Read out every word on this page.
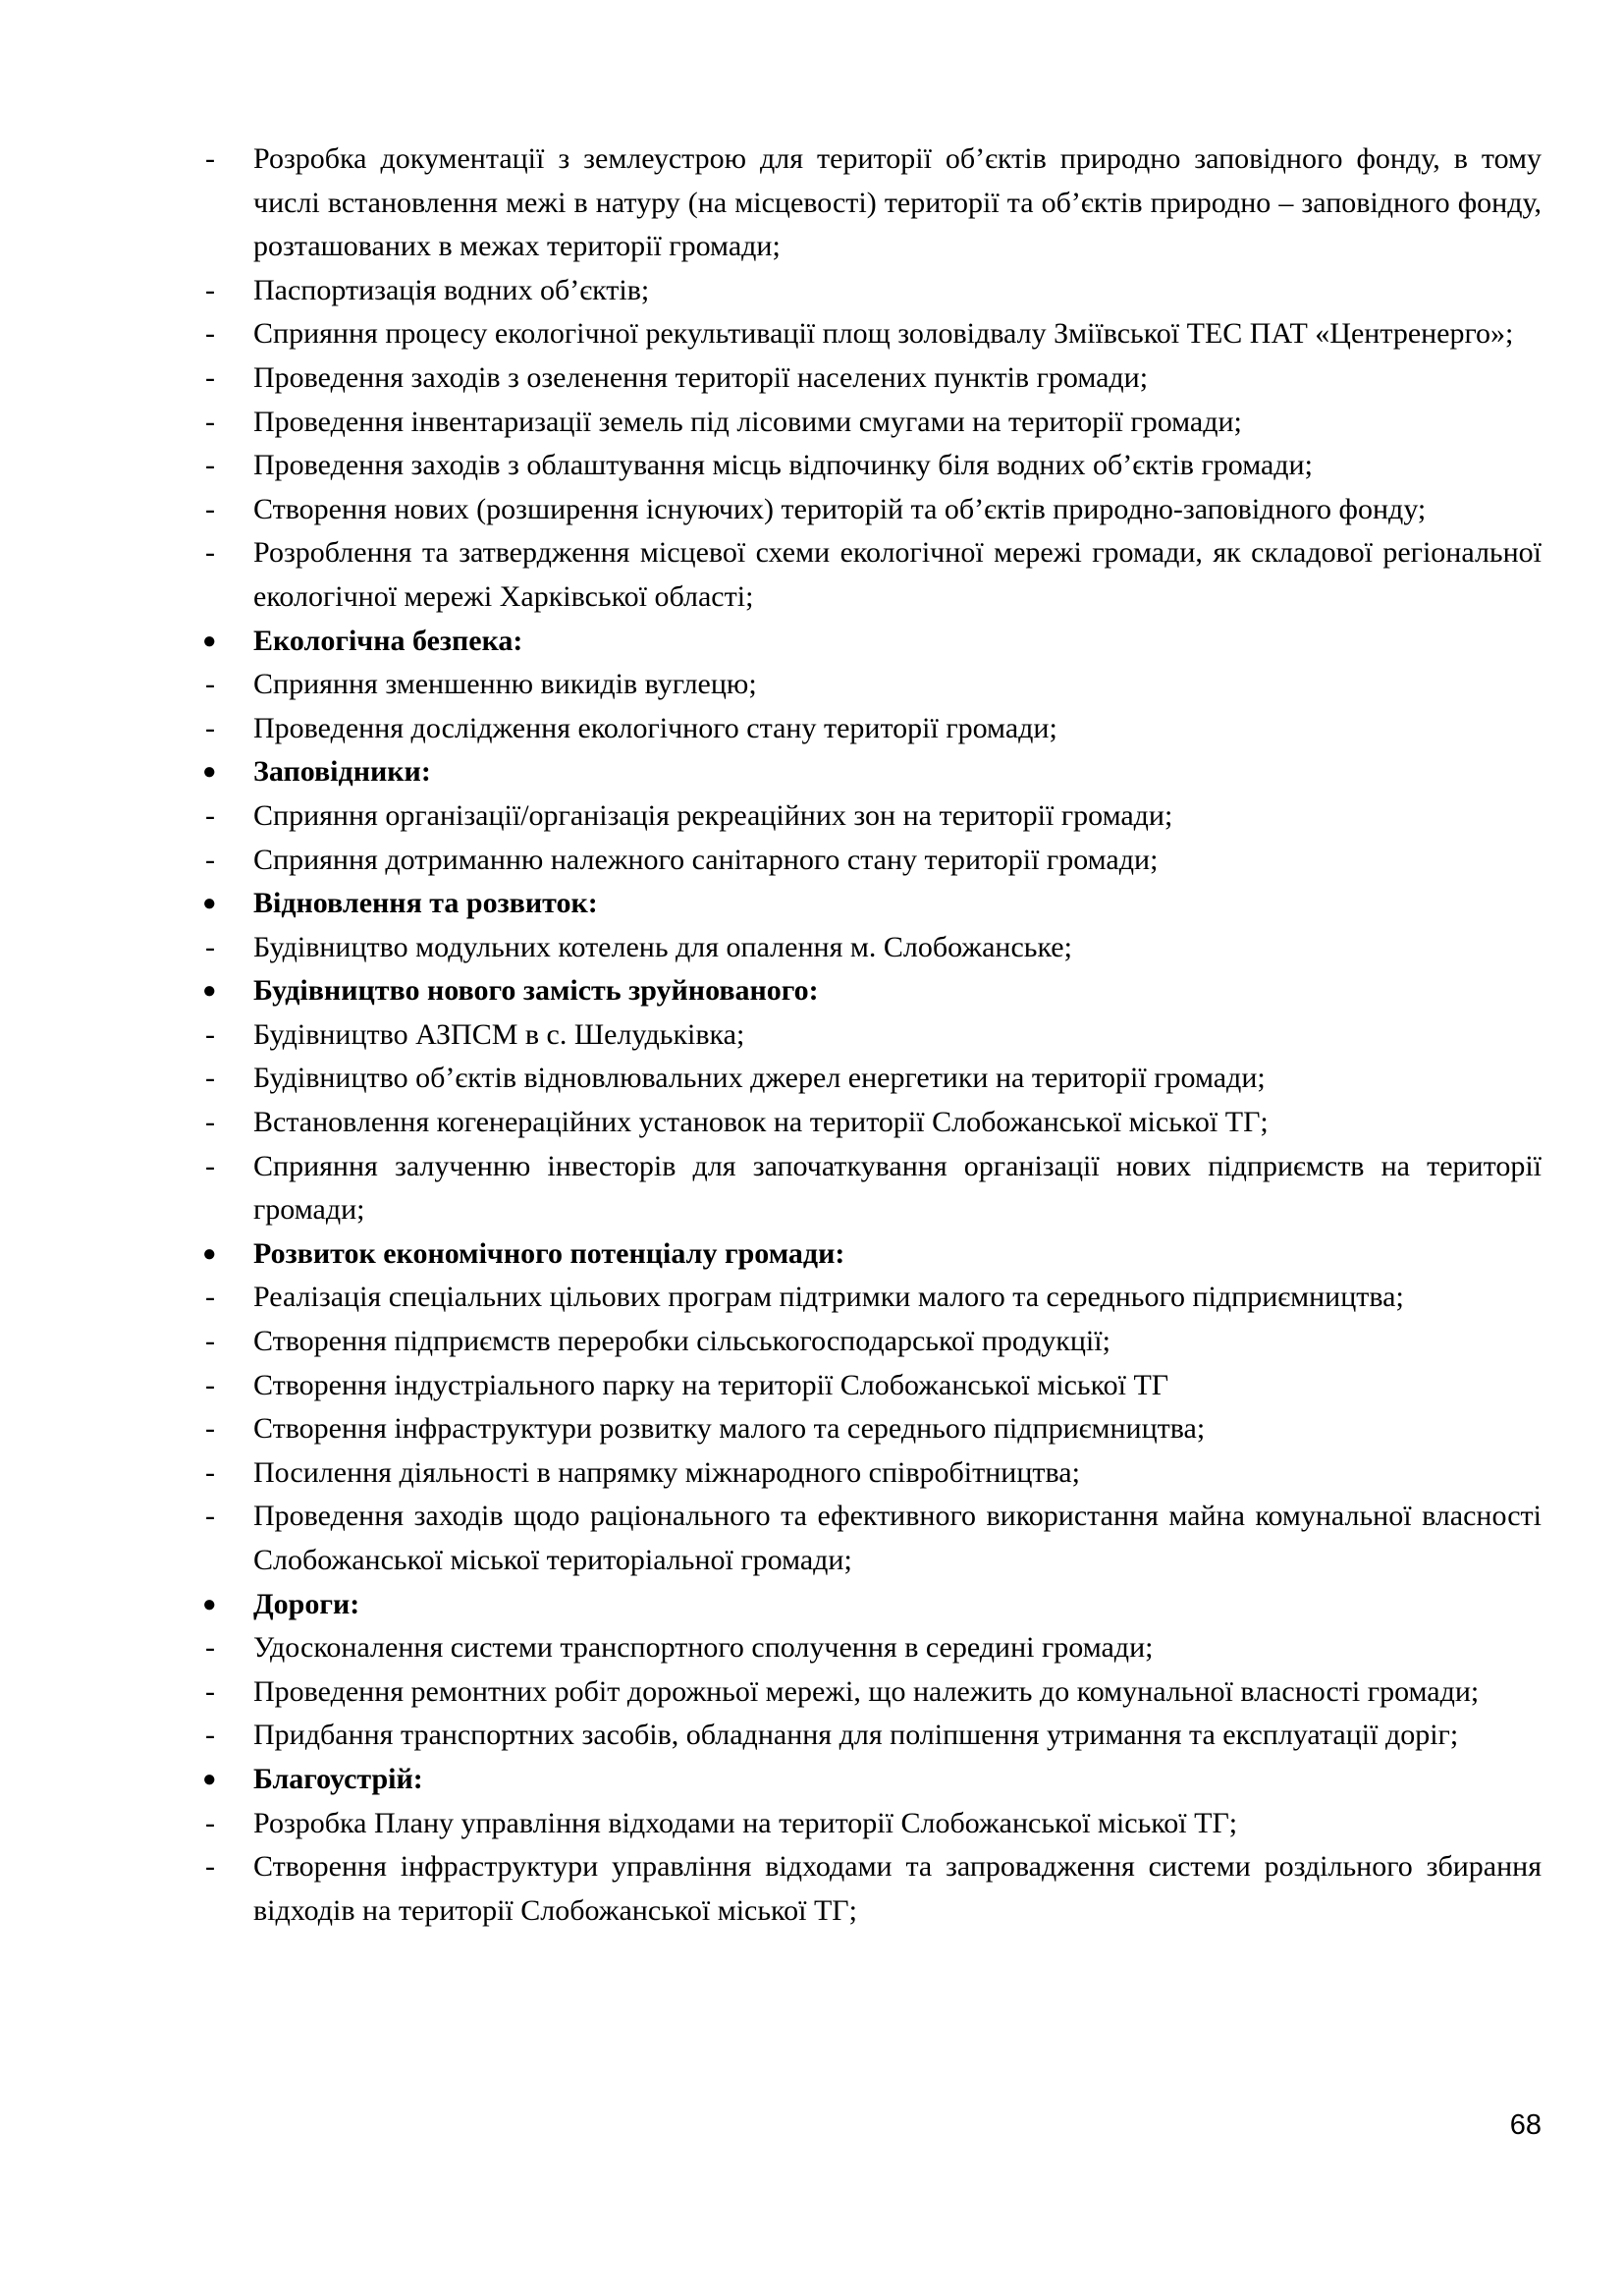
-	Розробка документації з землеустрою для території об’єктів природно заповідного фонду, в тому числі встановлення межі в натуру (на місцевості) території та об’єктів природно – заповідного фонду, розташованих в межах території громади;
-	Паспортизація водних об’єктів;
-	Сприяння процесу екологічної рекультивації площ золовідвалу Зміївської ТЕС ПАТ «Центренерго»;
-	Проведення заходів з озеленення території населених пунктів громади;
-	Проведення інвентаризації земель під лісовими смугами на території громади;
-	Проведення заходів з облаштування місць відпочинку біля водних об’єктів громади;
-	Створення нових (розширення існуючих) територій та об’єктів природно-заповідного фонду;
-	Розроблення та затвердження місцевої схеми екологічної мережі громади, як складової регіональної екологічної мережі Харківської області;
●	Екологічна безпека:
-	Сприяння зменшенню викидів вуглецю;
-	Проведення дослідження екологічного стану території громади;
●	Заповідники:
-	Сприяння організації/організація рекреаційних зон на території громади;
-	Сприяння дотриманню належного санітарного стану території громади;
●	Відновлення та розвиток:
-	Будівництво модульних котелень для опалення м. Слобожанське;
●	Будівництво нового замість зруйнованого:
-	Будівництво АЗПСМ в с. Шелудьківка;
-	Будівництво об’єктів відновлювальних джерел енергетики на території громади;
-	Встановлення когенераційних установок на території Слобожанської міської ТГ;
-	Сприяння залученню інвесторів для започаткування організації нових підприємств на території громади;
●	Розвиток економічного потенціалу громади:
-	Реалізація спеціальних цільових програм підтримки малого та середнього підприємництва;
-	Створення підприємств переробки сільськогосподарської продукції;
-	Створення індустріального парку на території Слобожанської міської ТГ
-	Створення інфраструктури розвитку малого та середнього підприємництва;
-	Посилення діяльності в напрямку міжнародного співробітництва;
-	Проведення заходів щодо раціонального та ефективного використання майна комунальної власності Слобожанської міської територіальної громади;
●	Дороги:
-	Удосконалення системи транспортного сполучення в середині громади;
-	Проведення ремонтних робіт дорожньої мережі, що належить до комунальної власності громади;
-	Придбання транспортних засобів, обладнання для поліпшення утримання та експлуатації доріг;
●	Благоустрій:
-	Розробка Плану управління відходами на території Слобожанської міської ТГ;
-	Створення інфраструктури управління відходами та запровадження системи роздільного збирання відходів на території Слобожанської міської ТГ;
68
